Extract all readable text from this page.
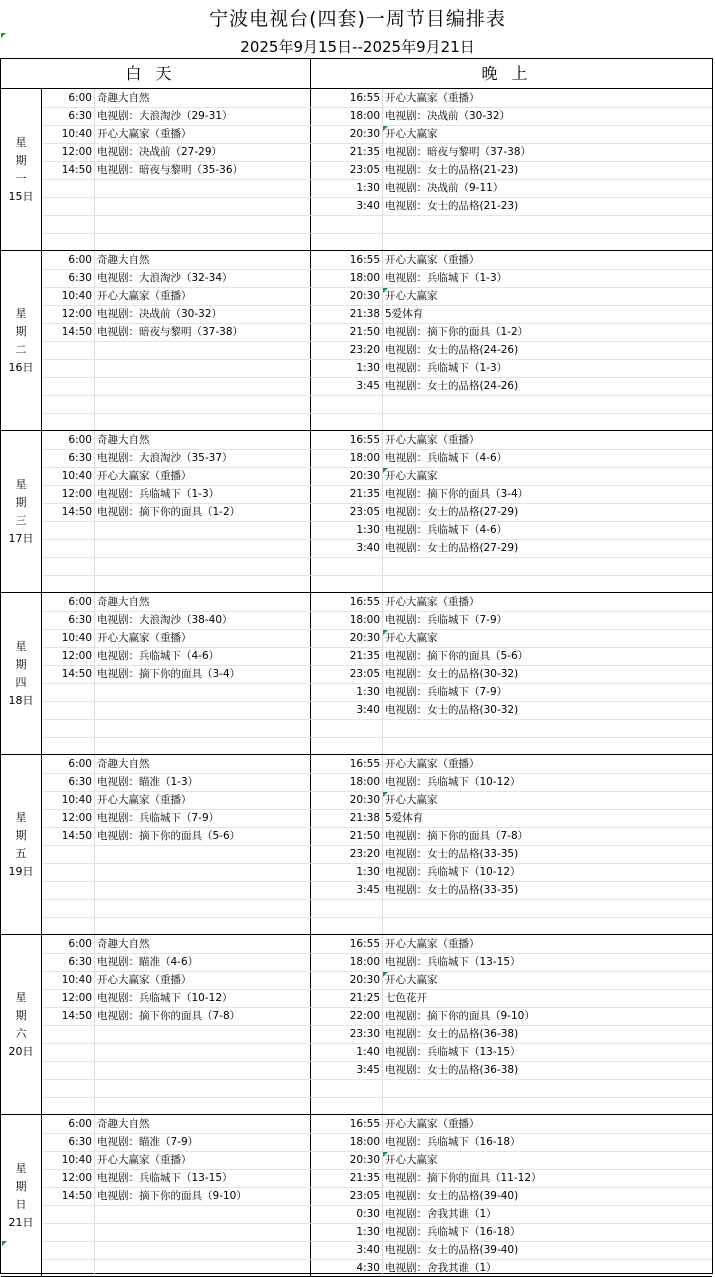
宁波电视台(四套)一周节目编排表
2025年9月15日--2025年9月21日
白天	晚上
星
期
一
15日
6:00 奇趣大自然
6:30 电视剧：大浪淘沙（29-31）
10:40 开心大赢家（重播）
12:00 电视剧：决战前（27-29）
14:50 电视剧：暗夜与黎明（35-36）
16:55 开心大赢家（重播）
18:00 电视剧：决战前（30-32）
20:30 开心大赢家
21:35 电视剧：暗夜与黎明（37-38）
23:05 电视剧：女士的品格(21-23)
1:30 电视剧：决战前（9-11）
3:40 电视剧：女士的品格(21-23)
星
期
二
16日
6:00 奇趣大自然
6:30 电视剧：大浪淘沙（32-34）
10:40 开心大赢家（重播）
12:00 电视剧：决战前（30-32）
14:50 电视剧：暗夜与黎明（37-38）
16:55 开心大赢家（重播）
18:00 电视剧：兵临城下（1-3）
20:30 开心大赢家
21:38 5爱体育
21:50 电视剧：摘下你的面具（1-2）
23:20 电视剧：女士的品格(24-26)
1:30 电视剧：兵临城下（1-3）
3:45 电视剧：女士的品格(24-26)
星
期
三
17日
6:00 奇趣大自然
6:30 电视剧：大浪淘沙（35-37）
10:40 开心大赢家（重播）
12:00 电视剧：兵临城下（1-3）
14:50 电视剧：摘下你的面具（1-2）
16:55 开心大赢家（重播）
18:00 电视剧：兵临城下（4-6）
20:30 开心大赢家
21:35 电视剧：摘下你的面具（3-4）
23:05 电视剧：女士的品格(27-29)
1:30 电视剧：兵临城下（4-6）
3:40 电视剧：女士的品格(27-29)
星
期
四
18日
6:00 奇趣大自然
6:30 电视剧：大浪淘沙（38-40）
10:40 开心大赢家（重播）
12:00 电视剧：兵临城下（4-6）
14:50 电视剧：摘下你的面具（3-4）
16:55 开心大赢家（重播）
18:00 电视剧：兵临城下（7-9）
20:30 开心大赢家
21:35 电视剧：摘下你的面具（5-6）
23:05 电视剧：女士的品格(30-32)
1:30 电视剧：兵临城下（7-9）
3:40 电视剧：女士的品格(30-32)
星
期
五
19日
6:00 奇趣大自然
6:30 电视剧：瞄准（1-3）
10:40 开心大赢家（重播）
12:00 电视剧：兵临城下（7-9）
14:50 电视剧：摘下你的面具（5-6）
16:55 开心大赢家（重播）
18:00 电视剧：兵临城下（10-12）
20:30 开心大赢家
21:38 5爱体育
21:50 电视剧：摘下你的面具（7-8）
23:20 电视剧：女士的品格(33-35)
1:30 电视剧：兵临城下（10-12）
3:45 电视剧：女士的品格(33-35)
星
期
六
20日
6:00 奇趣大自然
6:30 电视剧：瞄准（4-6）
10:40 开心大赢家（重播）
12:00 电视剧：兵临城下（10-12）
14:50 电视剧：摘下你的面具（7-8）
16:55 开心大赢家（重播）
18:00 电视剧：兵临城下（13-15）
20:30 开心大赢家
21:25 七色花开
22:00 电视剧：摘下你的面具（9-10）
23:30 电视剧：女士的品格(36-38)
1:40 电视剧：兵临城下（13-15）
3:45 电视剧：女士的品格(36-38)
星
期
日
21日
6:00 奇趣大自然
6:30 电视剧：瞄准（7-9）
10:40 开心大赢家（重播）
12:00 电视剧：兵临城下（13-15）
14:50 电视剧：摘下你的面具（9-10）
16:55 开心大赢家（重播）
18:00 电视剧：兵临城下（16-18）
20:30 开心大赢家
21:35 电视剧：摘下你的面具（11-12）
23:05 电视剧：女士的品格(39-40)
0:30 电视剧：舍我其谁（1）
1:30 电视剧：兵临城下（16-18）
3:40 电视剧：女士的品格(39-40)
4:30 电视剧：舍我其谁（1）
